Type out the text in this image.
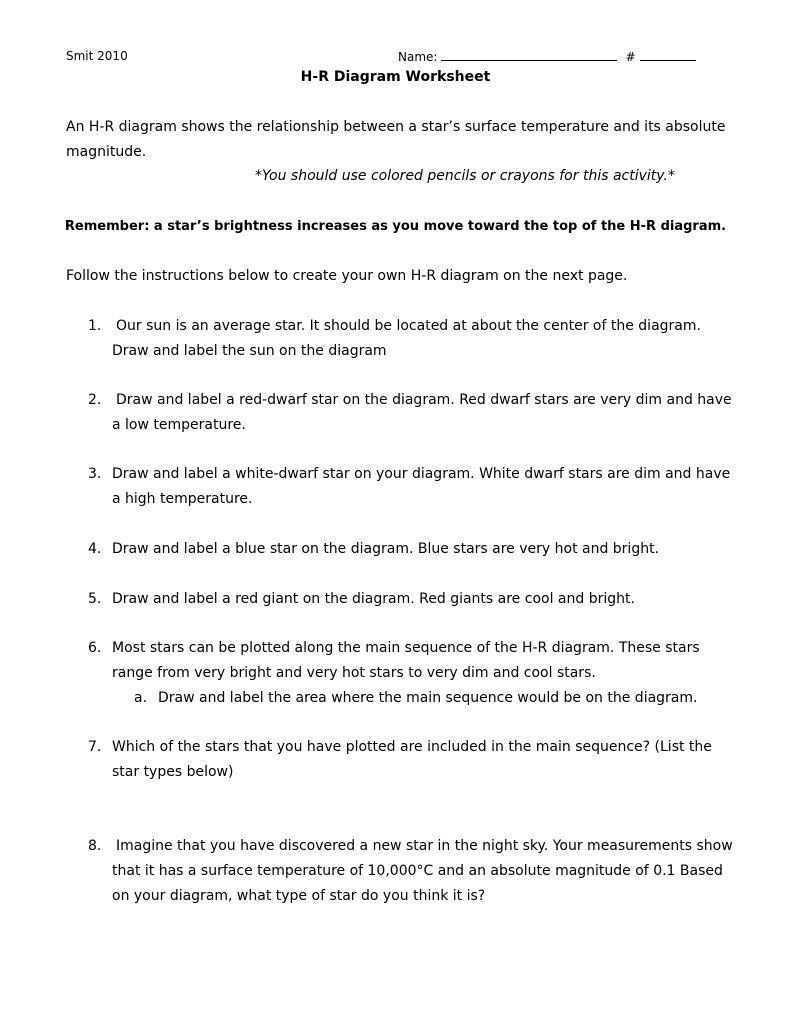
Smit 2010	Name:	#
H-R Diagram Worksheet

An H-R diagram shows the relationship between a star’s surface temperature and its absolute magnitude.

*You should use colored pencils or crayons for this activity.*
Remember: a star’s brightness increases as you move toward the top of the H-R diagram.
Follow the instructions below to create your own H-R diagram on the next page.
1. Our sun is an average star. It should be located at about the center of the diagram. Draw and label the sun on the diagram
2. Draw and label a red-dwarf star on the diagram. Red dwarf stars are very dim and have a low temperature.
3. Draw and label a white-dwarf star on your diagram. White dwarf stars are dim and have a high temperature.
4. Draw and label a blue star on the diagram. Blue stars are very hot and bright.
5. Draw and label a red giant on the diagram. Red giants are cool and bright.
6. Most stars can be plotted along the main sequence of the H-R diagram. These stars range from very bright and very hot stars to very dim and cool stars.
a. Draw and label the area where the main sequence would be on the diagram.
7. Which of the stars that you have plotted are included in the main sequence? (List the star types below)
8. Imagine that you have discovered a new star in the night sky. Your measurements show that it has a surface temperature of 10,000°C and an absolute magnitude of 0.1 Based on your diagram, what type of star do you think it is?
